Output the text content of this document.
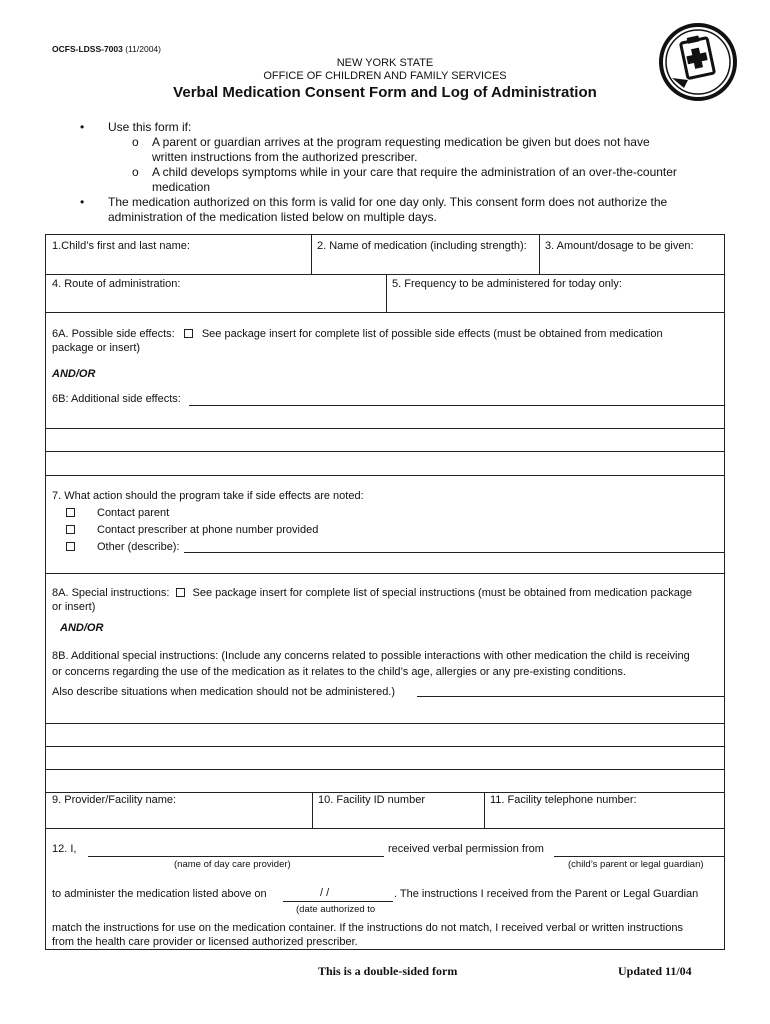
OCFS-LDSS-7003 (11/2004)
NEW YORK STATE
OFFICE OF CHILDREN AND FAMILY SERVICES
Verbal Medication Consent Form and Log of Administration
• Use this form if:
o A parent or guardian arrives at the program requesting medication be given but does not have
written instructions from the authorized prescriber.
o A child develops symptoms while in your care that require the administration of an over-the-counter
medication
• The medication authorized on this form is valid for one day only. This consent form does not authorize the
administration of the medication listed below on multiple days.
1.Child’s first and last name:	2. Name of medication (including strength): 3. Amount/dosage to be given:
4. Route of administration:	5. Frequency to be administered for today only:
6A. Possible side effects: See package insert for complete list of possible side effects (must be obtained from medication
package or insert)
AND/OR
6B: Additional side effects:
7. What action should the program take if side effects are noted:
Contact parent
Contact prescriber at phone number provided
Other (describe):
8A. Special instructions: See package insert for complete list of special instructions (must be obtained from medication package
or insert)
AND/OR
8B. Additional special instructions: (Include any concerns related to possible interactions with other medication the child is receiving
or concerns regarding the use of the medication as it relates to the child’s age, allergies or any pre-existing conditions.
Also describe situations when medication should not be administered.)
9. Provider/Facility name:	10. Facility ID number	11. Facility telephone number:
12. I,	received verbal permission from
(name of day care provider)	(child’s parent or legal guardian)
to administer the medication listed above on	/ /	. The instructions I received from the Parent or Legal Guardian
(date authorized to
match the instructions for use on the medication container. If the instructions do not match, I received verbal or written instructions
from the health care provider or licensed authorized prescriber.
This is a double-sided form	Updated 11/04
